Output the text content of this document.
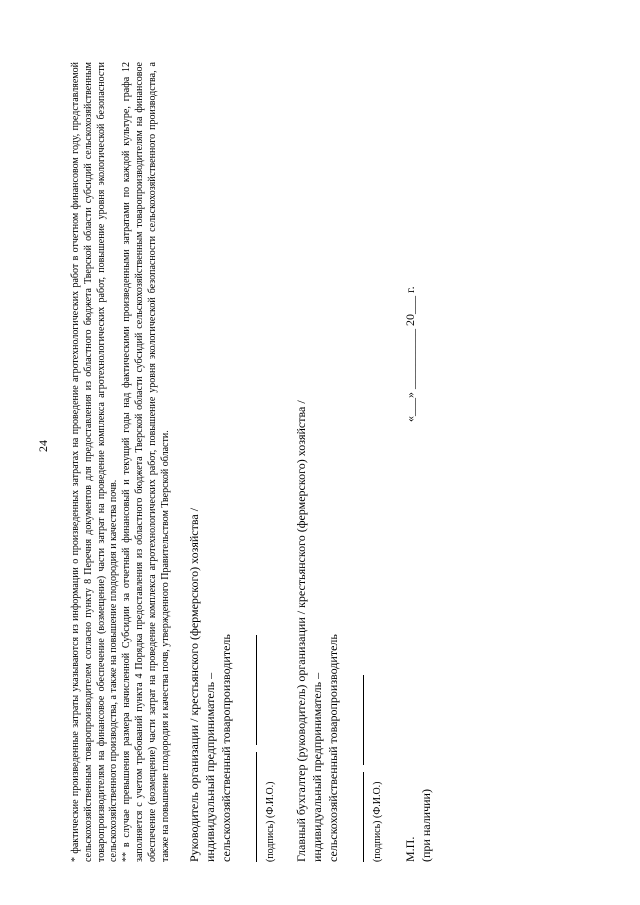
24 * фактические произведенные затраты указываются из информации о произведенных затратах на проведение агротехнологических работ в отчетном финансовом году, представляемой сельскохозяйственным товаропроизводителем согласно пункту 8 Перечня документов для предоставления из областного бюджета Тверской области субсидий сельскохозяйственным товаропроизводителям на финансовое обеспечение (возмещение) части затрат на проведение комплекса агротехнологических работ, повышение уровня экологической безопасности сельскохозяйственного производства, а также на повышение плодородия и качества почв. ** в случае превышения размера начисленной Субсидии за отчетный финансовый и текущий годы над фактическими произведенными затратами по каждой культуре, графа 12 заполняется с учетом требований пункта 4 Порядка предоставления из областного бюджета Тверской области субсидий сельскохозяйственным товаропроизводителям на финансовое обеспечение (возмещение) части затрат на проведение комплекса агротехнологических работ, повышение уровня экологической безопасности сельскохозяйственного производства, а также на повышение плодородия и качества почв, утвержденного Правительством Тверской области. Руководитель организации / крестьянского (фермерского) хозяйства / индивидуальный предприниматель – сельскохозяйственный товаропроизводитель
	(подпись) (Ф.И.О.) Главный бухгалтер (руководитель) организации / крестьянского (фермерского) хозяйства / индивидуальный предприниматель – сельскохозяйственный товаропроизводитель
	(подпись) (Ф.И.О.) М.П. (при наличии)
«___» __________ 20___ г.
